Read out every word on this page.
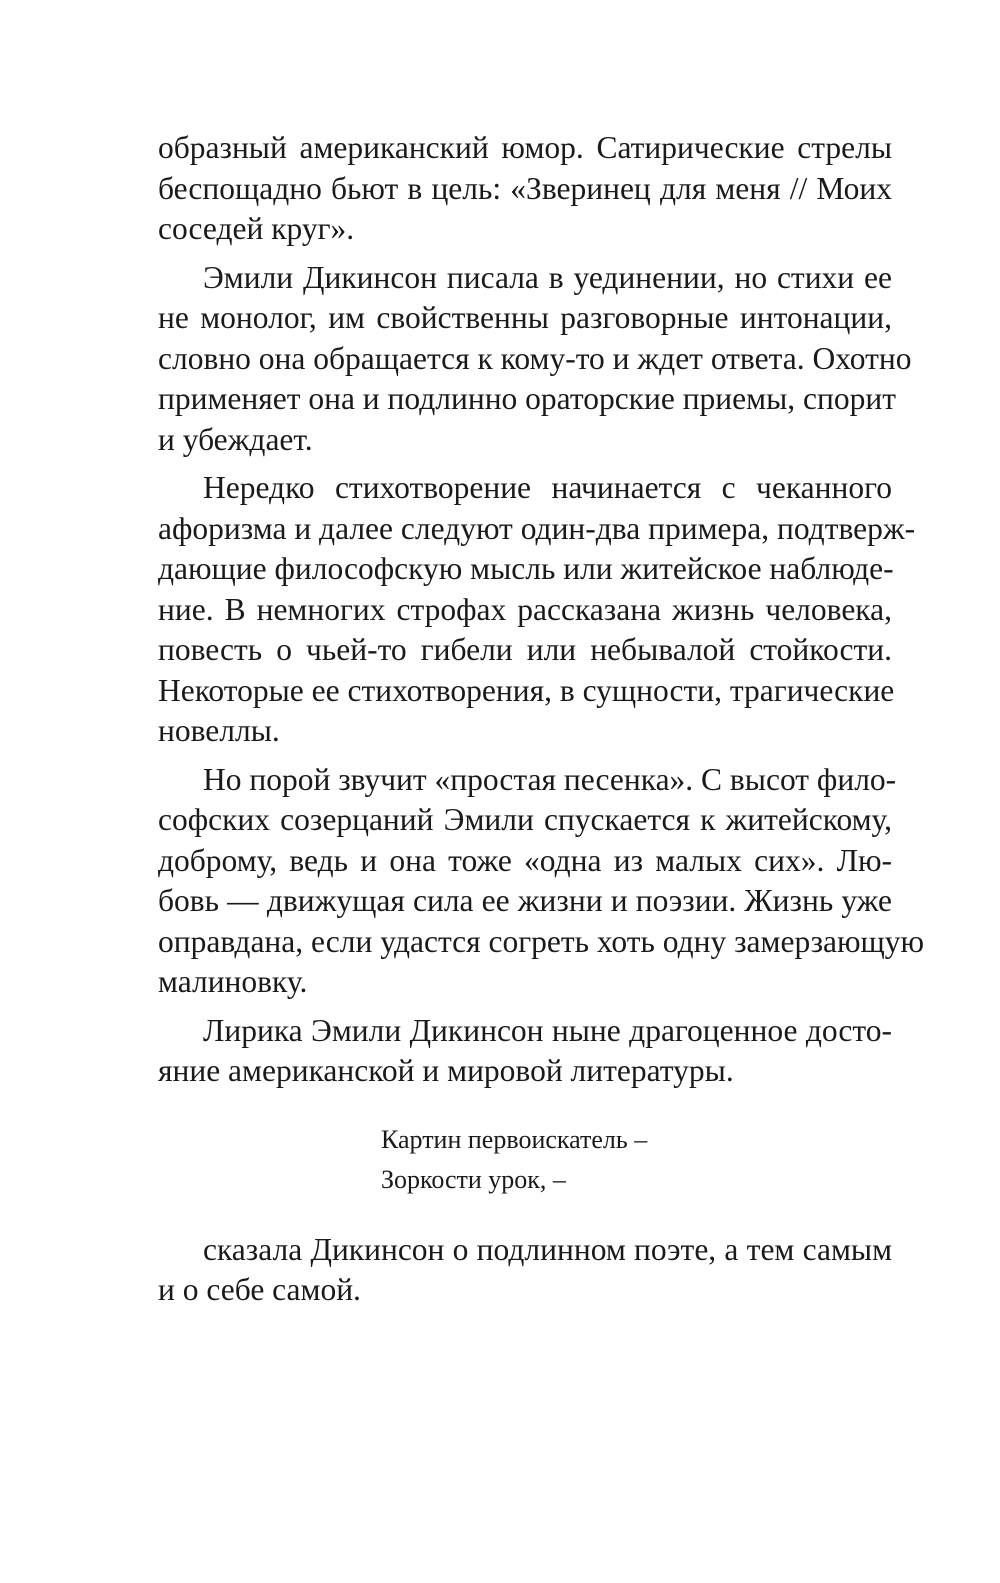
образный американский юмор. Сатирические стрелы
беспощадно бьют в цель: «Зверинец для меня // Моих
соседей круг».

Эмили Дикинсон писала в уединении, но стихи ее
не монолог, им свойственны разговорные интонации,
словно она обращается к кому-то и ждет ответа. Охотно
применяет она и подлинно ораторские приемы, спорит
и убеждает.

Нередко стихотворение начинается с чеканного
афоризма и далее следуют один-два примера, подтверж-
дающие философскую мысль или житейское наблюде-
ние. В немногих строфах рассказана жизнь человека,
повесть о чьей-то гибели или небывалой стойкости.
Некоторые ее стихотворения, в сущности, трагические
новеллы.

Но порой звучит «простая песенка». С высот фило-
софских созерцаний Эмили спускается к житейскому,
доброму, ведь и она тоже «одна из малых сих». Лю-
бовь — движущая сила ее жизни и поэзии. Жизнь уже
оправдана, если удастся согреть хоть одну замерзающую
малиновку.

Лирика Эмили Дикинсон ныне драгоценное досто-
яние американской и мировой литературы.

Картин первоискатель –
Зоркости урок, –

сказала Дикинсон о подлинном поэте, а тем самым
и о себе самой.
